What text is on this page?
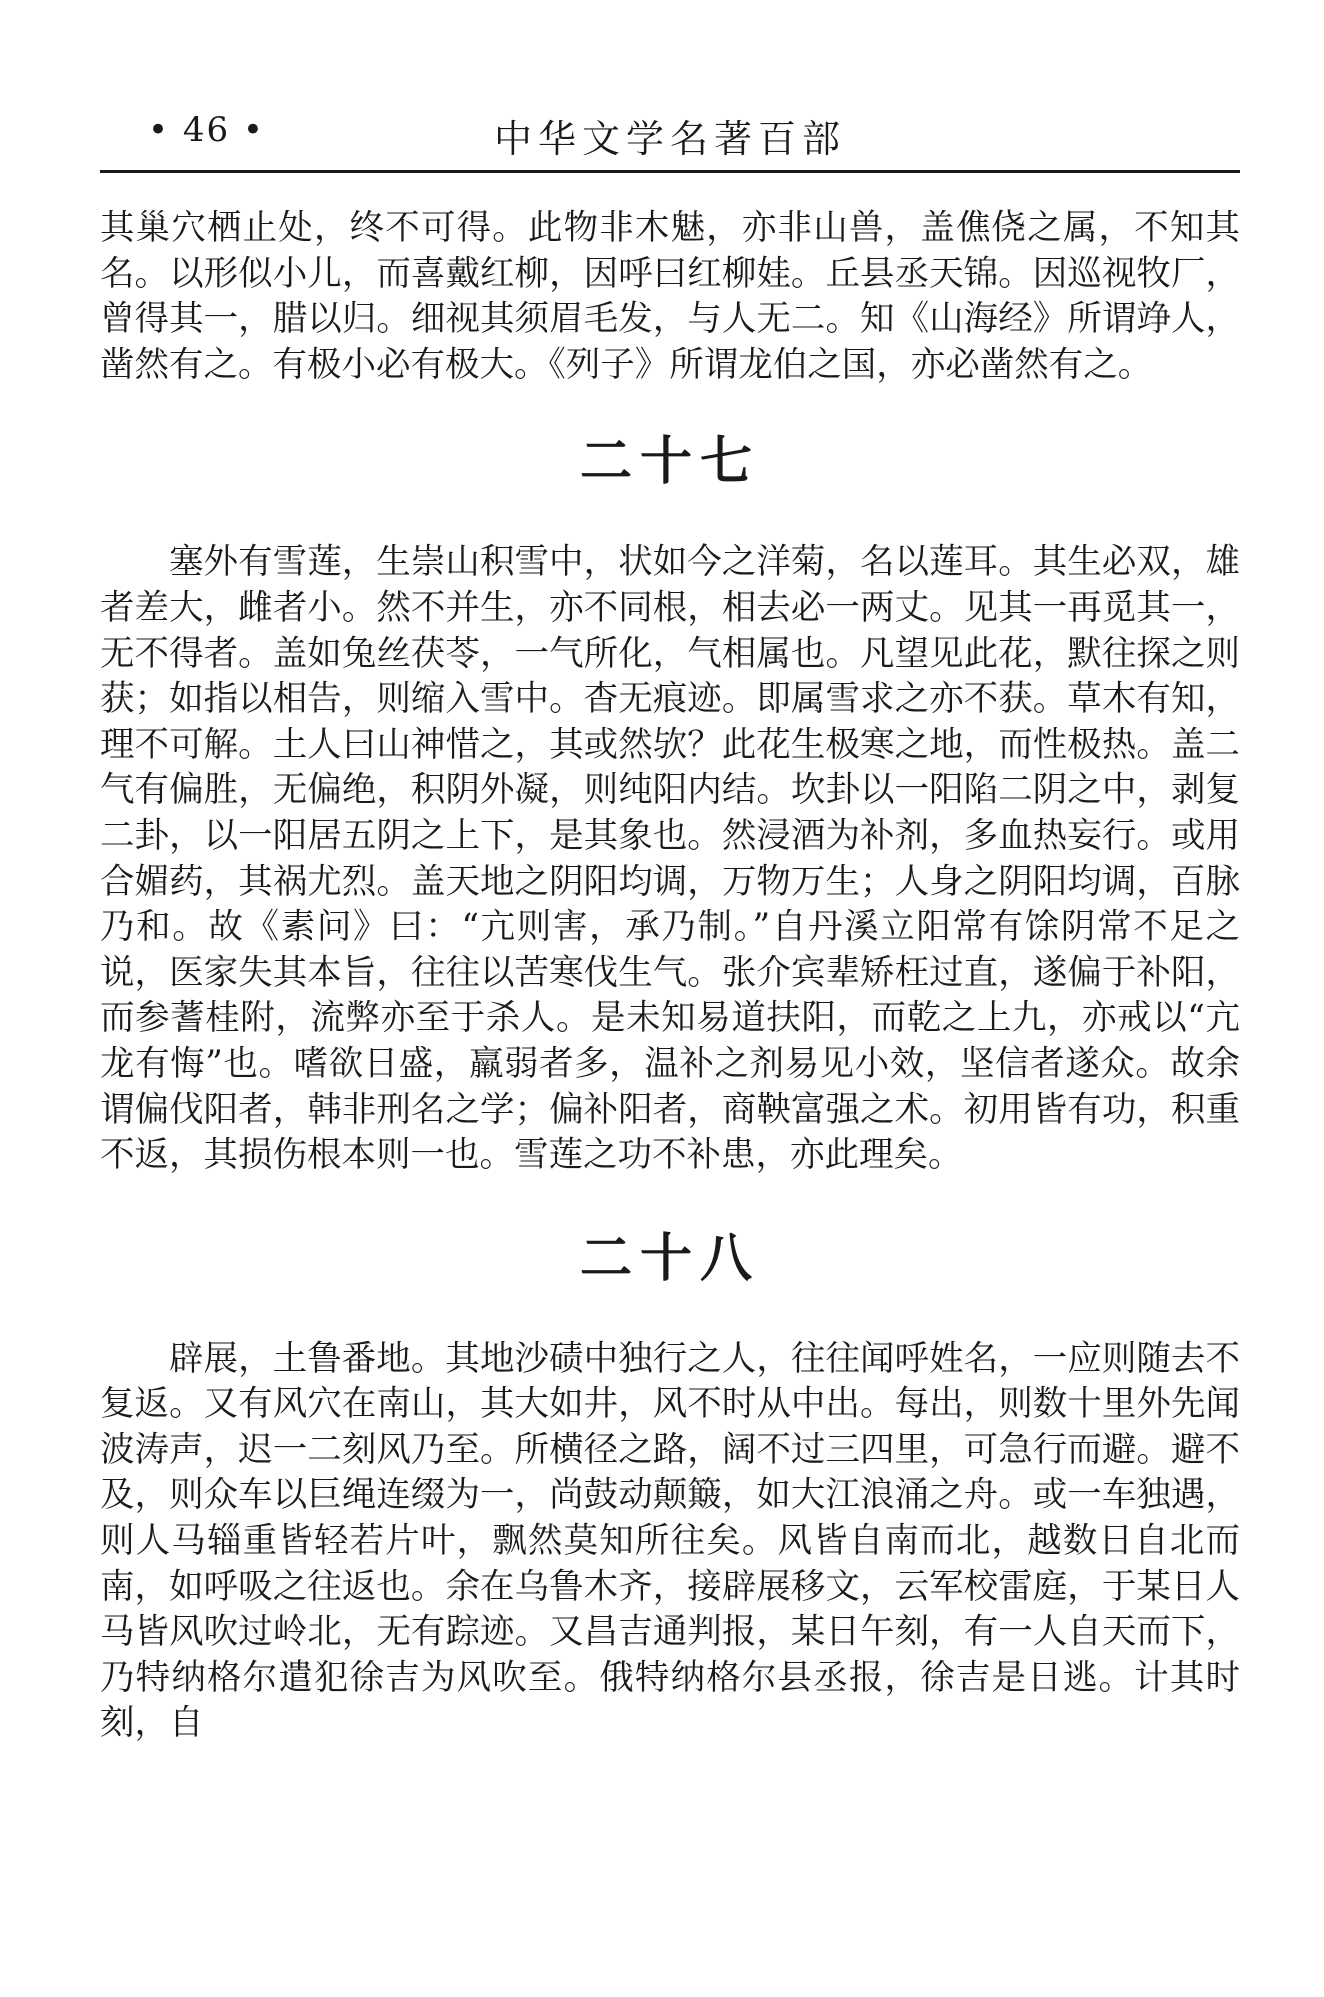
• 46 •	中华文学名著百部

其巢穴栖止处，终不可得。此物非木魅，亦非山兽，盖僬侥之属，不知其名。以形似小儿，而喜戴红柳，因呼曰红柳娃。丘县丞天锦。因巡视牧厂，曾得其一，腊以归。细视其须眉毛发，与人无二。知《山海经》所谓竫人，凿然有之。有极小必有极大。《列子》所谓龙伯之国，亦必凿然有之。

二十七

塞外有雪莲，生崇山积雪中，状如今之洋菊，名以莲耳。其生必双，雄者差大，雌者小。然不并生，亦不同根，相去必一两丈。见其一再觅其一，无不得者。盖如兔丝茯苓，一气所化，气相属也。凡望见此花，默往探之则获；如指以相告，则缩入雪中。杳无痕迹。即属雪求之亦不获。草木有知，理不可解。土人曰山神惜之，其或然欤？此花生极寒之地，而性极热。盖二气有偏胜，无偏绝，积阴外凝，则纯阳内结。坎卦以一阳陷二阴之中，剥复二卦，以一阳居五阴之上下，是其象也。然浸酒为补剂，多血热妄行。或用合媚药，其祸尤烈。盖天地之阴阳均调，万物万生；人身之阴阳均调，百脉乃和。故《素问》曰：“亢则害，承乃制。”自丹溪立阳常有馀阴常不足之说，医家失其本旨，往往以苦寒伐生气。张介宾辈矫枉过直，遂偏于补阳，而参蓍桂附，流弊亦至于杀人。是未知易道扶阳，而乾之上九，亦戒以“亢龙有悔”也。嗜欲日盛，羸弱者多，温补之剂易见小效，坚信者遂众。故余谓偏伐阳者，韩非刑名之学；偏补阳者，商鞅富强之术。初用皆有功，积重不返，其损伤根本则一也。雪莲之功不补患，亦此理矣。

二十八

辟展，土鲁番地。其地沙碛中独行之人，往往闻呼姓名，一应则随去不复返。又有风穴在南山，其大如井，风不时从中出。每出，则数十里外先闻波涛声，迟一二刻风乃至。所横径之路，阔不过三四里，可急行而避。避不及，则众车以巨绳连缀为一，尚鼓动颠簸，如大江浪涌之舟。或一车独遇，则人马辎重皆轻若片叶，飘然莫知所往矣。风皆自南而北，越数日自北而南，如呼吸之往返也。余在乌鲁木齐，接辟展移文，云军校雷庭，于某日人马皆风吹过岭北，无有踪迹。又昌吉通判报，某日午刻，有一人自天而下，乃特纳格尔遣犯徐吉为风吹至。俄特纳格尔县丞报，徐吉是日逃。计其时刻，自
